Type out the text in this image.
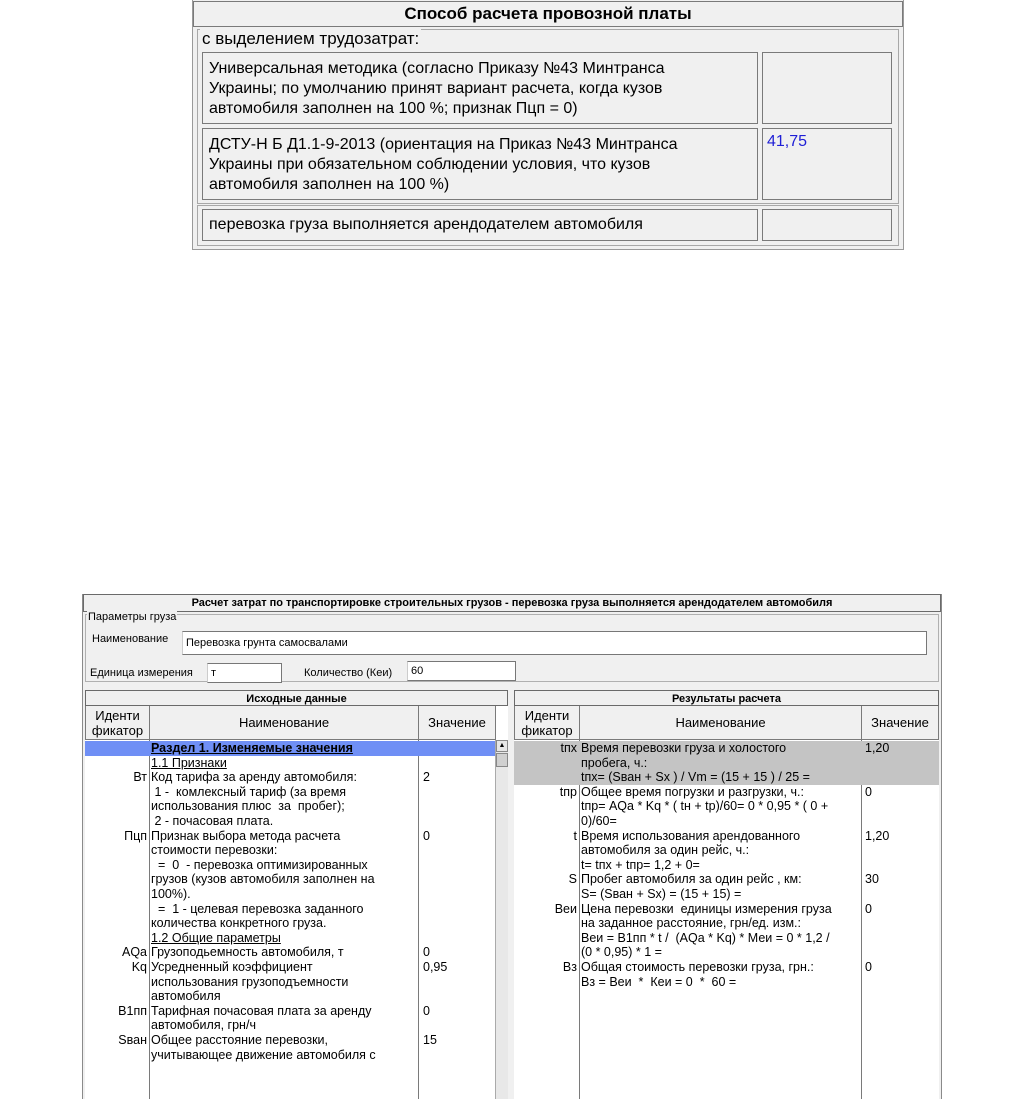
Способ расчета провозной платы
с выделением трудозатрат:
Универсальная методика (согласно Приказу №43 Минтранса
Украины; по умолчанию принят вариант расчета, когда кузов
автомобиля заполнен на 100 %; признак Пцп = 0)
ДСТУ-Н Б Д1.1-9-2013 (ориентация на Приказ №43 Минтранса
Украины при обязательном соблюдении условия, что кузов
автомобиля заполнен на 100 %)
41,75
перевозка груза выполняется арендодателем автомобиля
Расчет затрат по транспортировке строительных грузов - перевозка груза выполняется арендодателем автомобиля
Параметры груза
Наименование	Перевозка грунта самосвалами
Единица измерения	т	Количество (Кеи)	60
Исходные данные
Иденти
фикатор	Наименование	Значение
Раздел 1. Изменяемые значения
1.1 Признаки
Вт Код тарифа за аренду автомобиля:	2
1 -  комлексный тариф (за время
использования плюс  за  пробег);
2 - почасовая плата.
Пцп Признак выбора метода расчета	0
стоимости перевозки:
=  0  - перевозка оптимизированных
грузов (кузов автомобиля заполнен на
100%).
=  1 - целевая перевозка заданного
количества конкретного груза.
1.2 Общие параметры
AQa Грузоподьемность автомобиля, т	0
Kq Усредненный коэффициент	0,95
использования грузоподъемности
автомобиля
B1пп Тарифная почасовая плата за аренду	0
автомобиля, грн/ч
Sван Общее расстояние перевозки,	15
учитывающее движение автомобиля с
▲
Результаты расчета
Иденти
фикатор	Наименование	Значение
tпх Время перевозки груза и холостого	1,20
пробега, ч.:
tпх= (Sван + Sх ) / Vm = (15 + 15 ) / 25 =
tпр Общее время погрузки и разгрузки, ч.:	0
tпр= AQa * Kq * ( tн + tр)/60= 0 * 0,95 * ( 0 +
0)/60=
t Время использования арендованного	1,20
автомобиля за один рейс, ч.:
t= tпх + tпр= 1,2 + 0=
S Пробег автомобиля за один рейс , км:	30
S= (Sван + Sх) = (15 + 15) =
Веи Цена перевозки  единицы измерения груза	0
на заданное расстояние, грн/ед. изм.:
Веи = B1пп * t /  (AQa * Kq) * Меи = 0 * 1,2 /
(0 * 0,95) * 1 =
Вз Общая стоимость перевозки груза, грн.:	0
Вз = Веи  *  Кеи = 0  *  60 =
